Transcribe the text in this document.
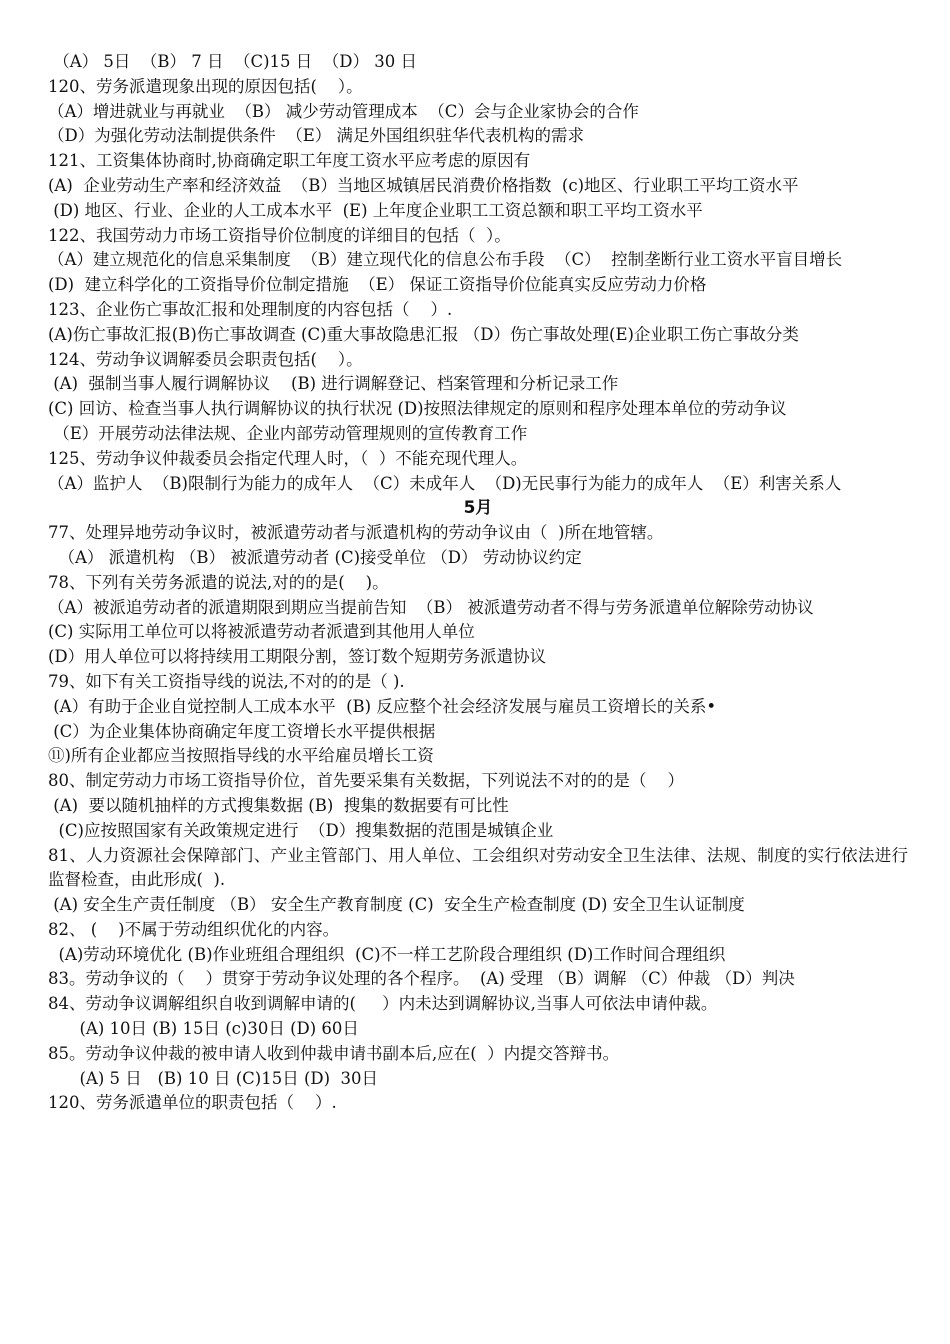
（A） 5日  （B） 7 日  （C)15 日  （D） 30 日
120、劳务派遣现象出现的原因包括(    ）。
（A）增进就业与再就业  （B） 减少劳动管理成本  （C）会与企业家协会的合作
（D）为强化劳动法制提供条件  （E） 满足外国组织驻华代表机构的需求
121、工资集体协商时,协商确定职工年度工资水平应考虑的原因有
(A)  企业劳动生产率和经济效益  （B）当地区城镇居民消费价格指数  (c)地区、行业职工平均工资水平
(D) 地区、行业、企业的人工成本水平  (E) 上年度企业职工工资总额和职工平均工资水平
122、我国劳动力市场工资指导价位制度的详细目的包括（  ）。
（A）建立规范化的信息采集制度  （B）建立现代化的信息公布手段  （C）  控制垄断行业工资水平盲目增长
(D)  建立科学化的工资指导价位制定措施  （E） 保证工资指导价位能真实反应劳动力价格
123、企业伤亡事故汇报和处理制度的内容包括（    ）.
(A)伤亡事故汇报(B)伤亡事故调查 (C)重大事故隐患汇报 （D）伤亡事故处理(E)企业职工伤亡事故分类
124、劳动争议调解委员会职责包括(    ）。
(A)  强制当事人履行调解协议    (B) 进行调解登记、档案管理和分析记录工作
(C) 回访、检查当事人执行调解协议的执行状况 (D)按照法律规定的原则和程序处理本单位的劳动争议
（E）开展劳动法律法规、企业内部劳动管理规则的宣传教育工作
125、劳动争议仲裁委员会指定代理人时，（  ）不能充现代理人。
（A）监护人  （B)限制行为能力的成年人  （C）未成年人  （D)无民事行为能力的成年人  （E）利害关系人
5月
77、处理异地劳动争议时，被派遣劳动者与派遣机构的劳动争议由（  )所在地管辖。
（A） 派遣机构 （B） 被派遣劳动者 (C)接受单位 （D） 劳动协议约定
78、下列有关劳务派遣的说法,对的的是(    )。
（A）被派追劳动者的派遣期限到期应当提前告知  （B） 被派遣劳动者不得与劳务派遣单位解除劳动协议
(C) 实际用工单位可以将被派遣劳动者派遣到其他用人单位
(D）用人单位可以将持续用工期限分割，签订数个短期劳务派遣协议
79、如下有关工资指导线的说法,不对的的是（ ).
(A）有助于企业自觉控制人工成本水平  (B) 反应整个社会经济发展与雇员工资增长的关系•
(C）为企业集体协商确定年度工资增长水平提供根据
⑪)所有企业都应当按照指导线的水平给雇员增长工资
80、制定劳动力市场工资指导价位，首先要采集有关数据，下列说法不对的的是（    ）
(A)  要以随机抽样的方式搜集数据 (B)  搜集的数据要有可比性
(C)应按照国家有关政策规定进行  （D）搜集数据的范围是城镇企业
81、人力资源社会保障部门、产业主管部门、用人单位、工会组织对劳动安全卫生法律、法规、制度的实行依法进行监督检查，由此形成(  ).
(A) 安全生产责任制度 （B） 安全生产教育制度 (C)  安全生产检查制度 (D) 安全卫生认证制度
82、 (    )不属于劳动组织优化的内容。
(A)劳动环境优化 (B)作业班组合理组织  (C)不一样工艺阶段合理组织 (D)工作时间合理组织
83。劳动争议的（    ）贯穿于劳动争议处理的各个程序。  (A) 受理 （B）调解 （C）仲裁 （D）判决
84、劳动争议调解组织自收到调解申请的(     ）内未达到调解协议,当事人可依法申请仲裁。
(A) 10日 (B) 15日 (c)30日 (D) 60日
85。劳动争议仲裁的被申请人收到仲裁申请书副本后,应在(  ）内提交答辩书。
(A) 5 日   (B) 10 日 (C)15日 (D)  30日
120、劳务派遣单位的职责包括（    ）.
